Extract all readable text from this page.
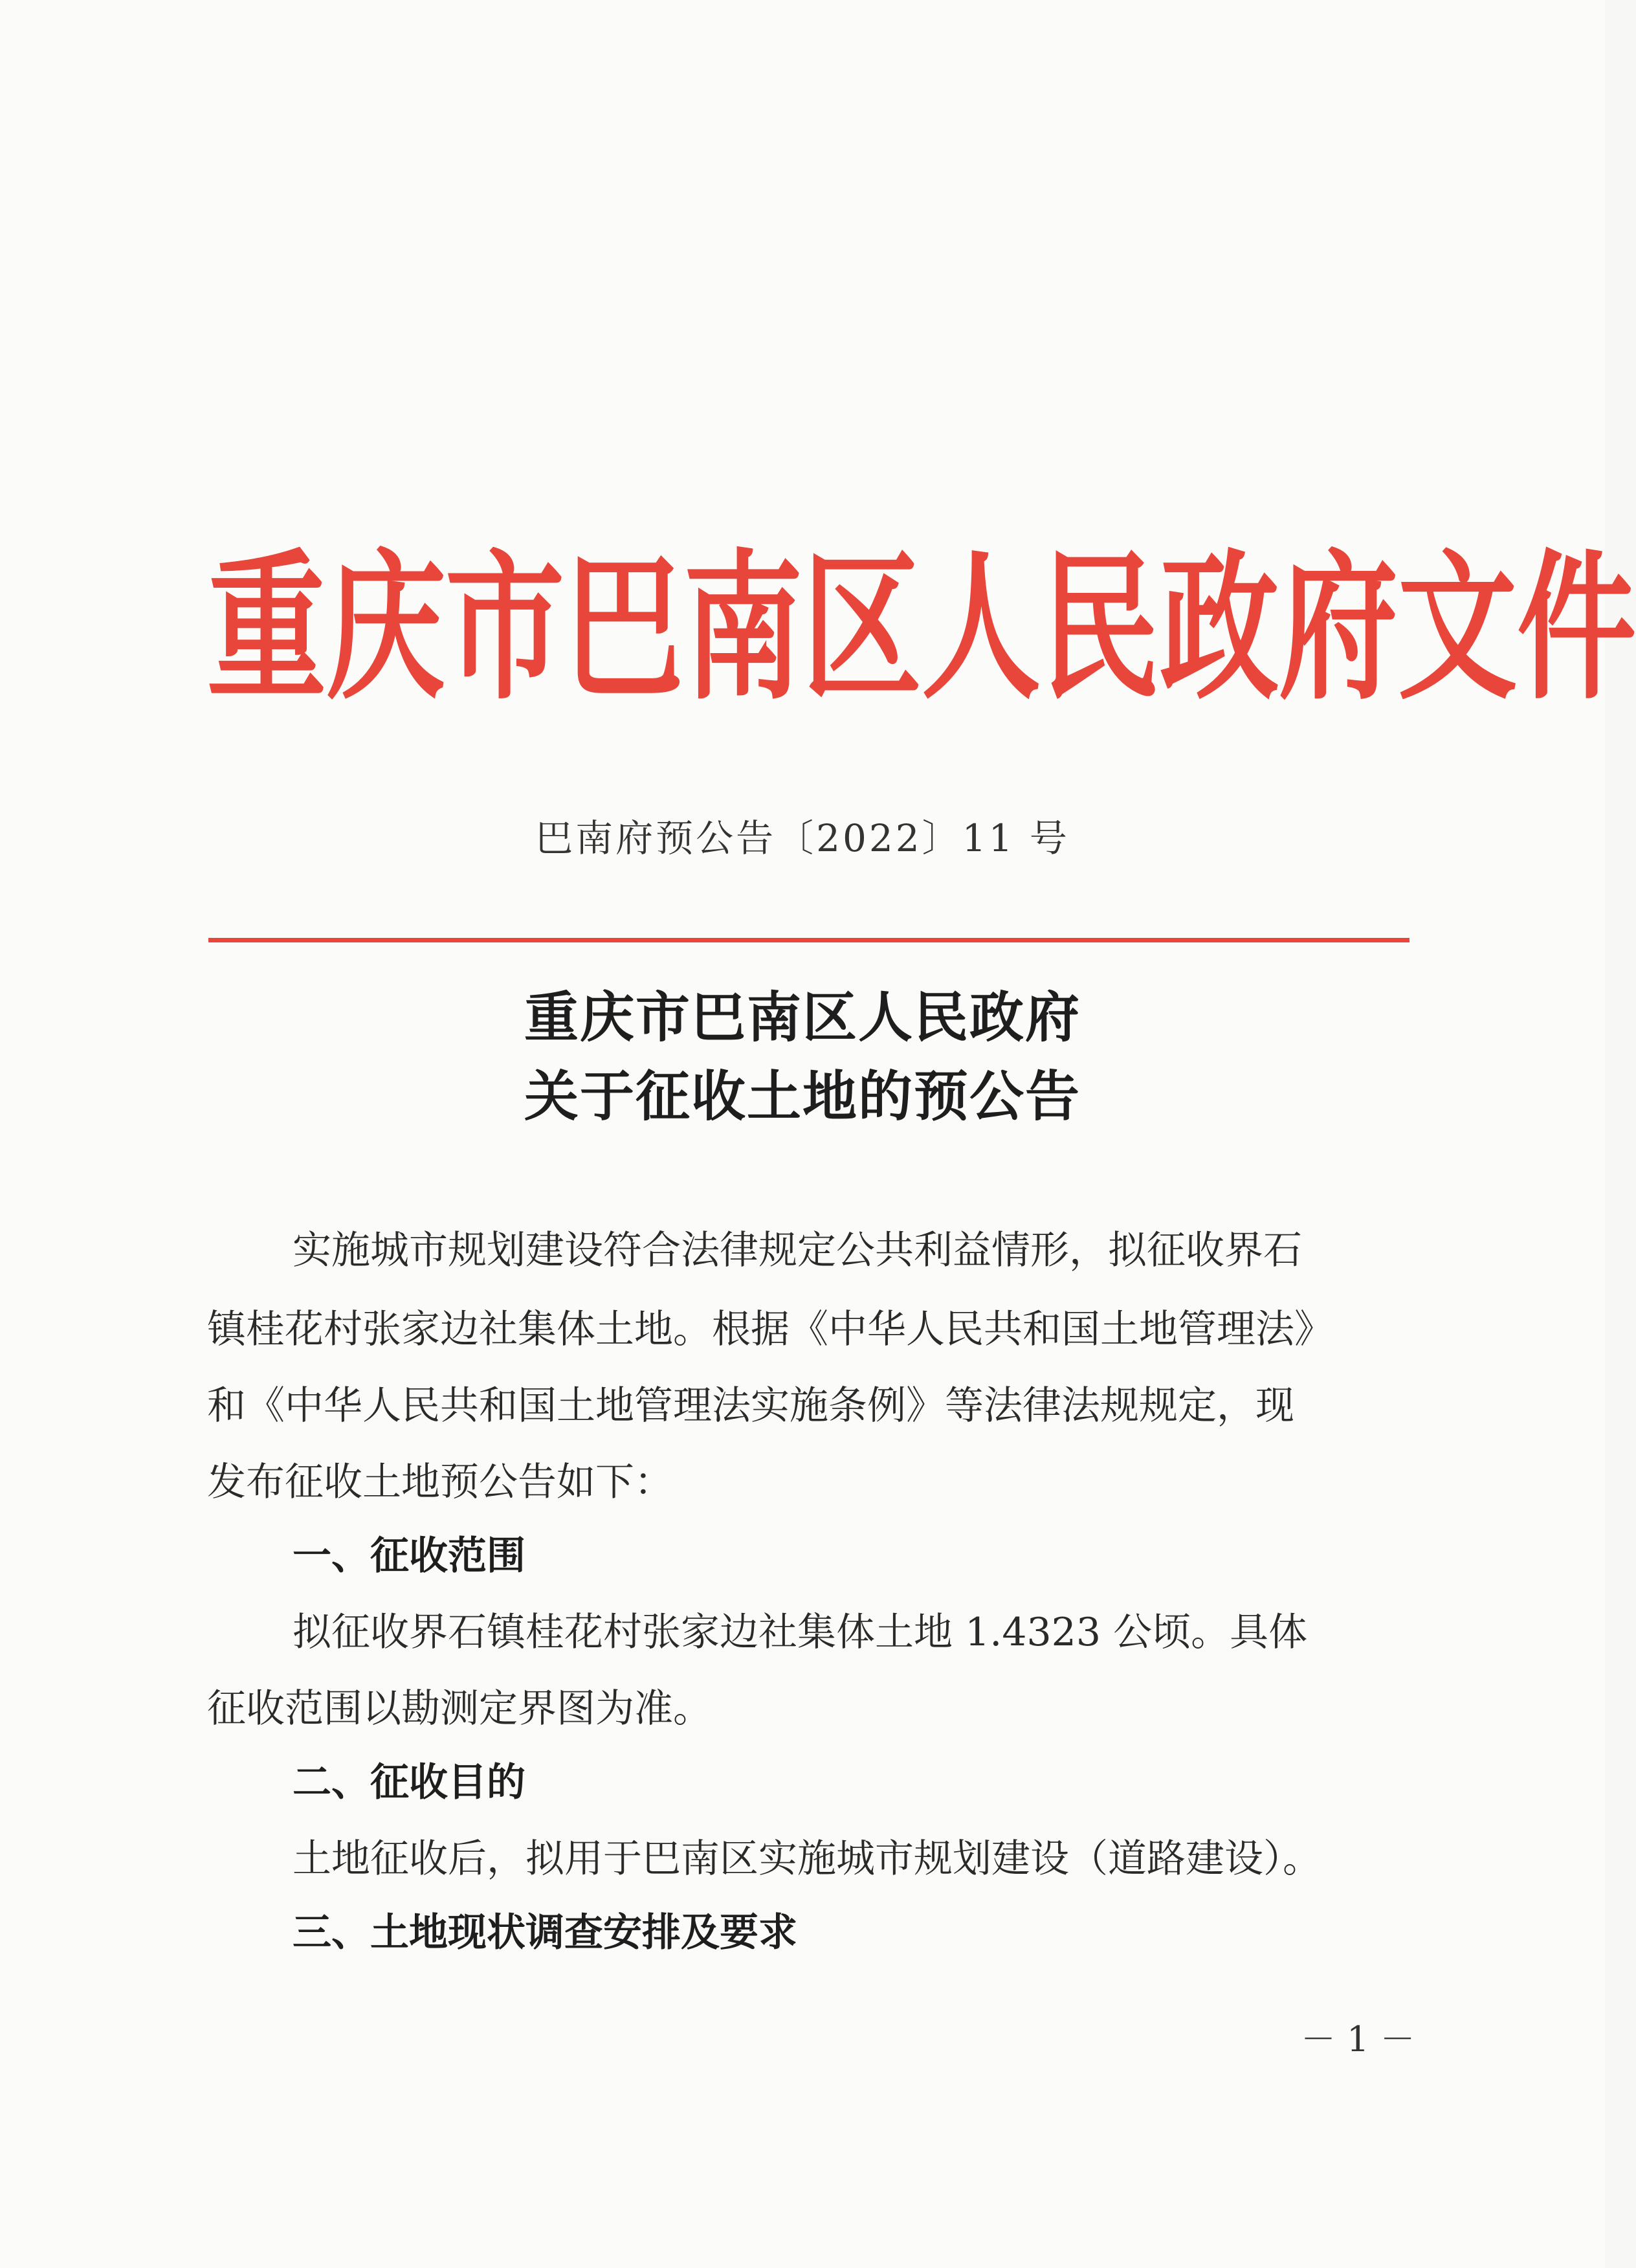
重 庆 市 巴 南 区 人 民 政 府 文 件
巴南府预公告〔2022〕11 号
重庆市巴南区人民政府
关于征收土地的预公告
实施城市规划建设符合法律规定公共利益情形，拟征收界石
镇桂花村张家边社集体土地。根据《中华人民共和国土地管理法》
和《中华人民共和国土地管理法实施条例》等法律法规规定，现
发布征收土地预公告如下：
一、征收范围
拟征收界石镇桂花村张家边社集体土地 1.4323 公顷。具体
征收范围以勘测定界图为准。
二、征收目的
土地征收后，拟用于巴南区实施城市规划建设（道路建设）。
三、土地现状调查安排及要求
－ 1 －
